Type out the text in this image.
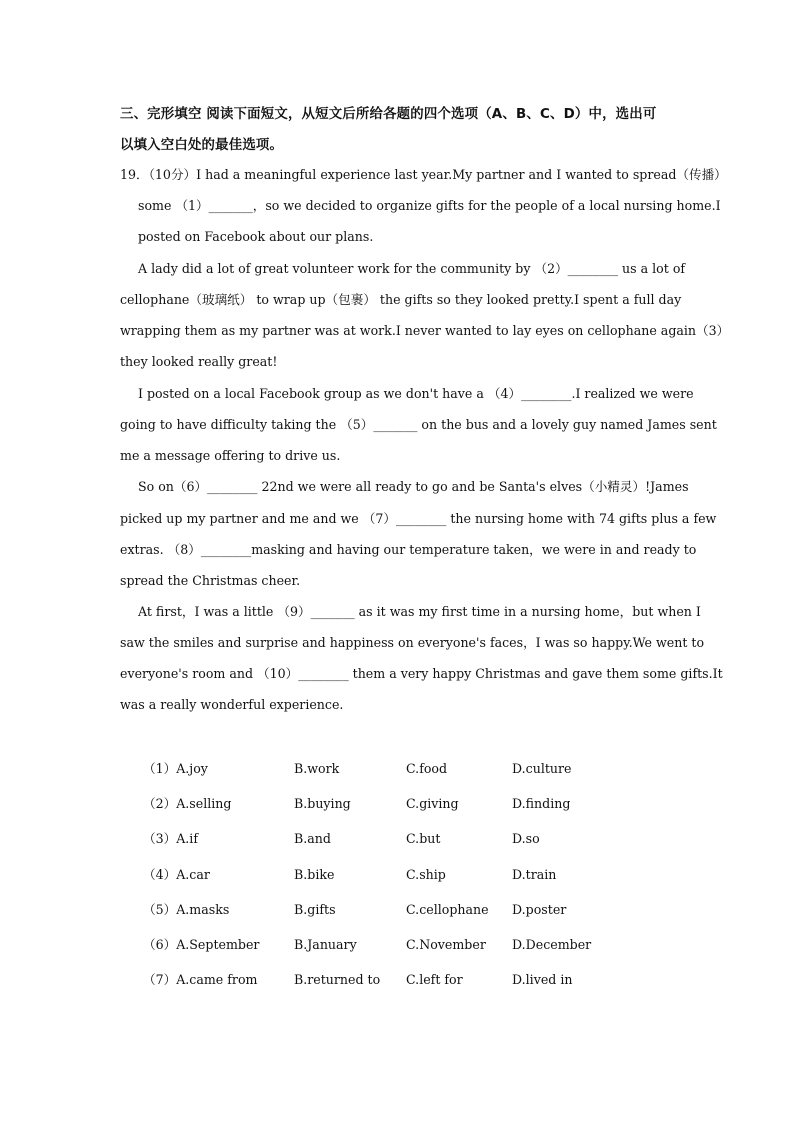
三、完形填空 阅读下面短文，从短文后所给各题的四个选项（A、B、C、D）中，选出可
以填入空白处的最佳选项。
19．（10分）I had a meaningful experience last year.My partner and I wanted to spread（传播）
some （1）_______，so we decided to organize gifts for the people of a local nursing home.I
posted on Facebook about our plans.
A lady did a lot of great volunteer work for the community by （2）________ us a lot of
cellophane（玻璃纸） to wrap up（包裹） the gifts so they looked pretty.I spent a full day
wrapping them as my partner was at work.I never wanted to lay eyes on cellophane again（3）
they looked really great!
I posted on a local Facebook group as we don't have a （4）________.I realized we were
going to have difficulty taking the （5）_______ on the bus and a lovely guy named James sent
me a message offering to drive us.
So on（6）________ 22nd we were all ready to go and be Santa's elves（小精灵）!James
picked up my partner and me and we （7）________ the nursing home with 74 gifts plus a few
extras. （8）________masking and having our temperature taken，we were in and ready to
spread the Christmas cheer.
At first，I was a little （9）_______ as it was my first time in a nursing home，but when I
saw the smiles and surprise and happiness on everyone's faces，I was so happy.We went to
everyone's room and （10）________ them a very happy Christmas and gave them some gifts.It
was a really wonderful experience.
（1）A.joy	B.work	C.food	D.culture
（2）A.selling	B.buying	C.giving	D.finding
（3）A.if	B.and	C.but	D.so
（4）A.car	B.bike	C.ship	D.train
（5）A.masks	B.gifts	C.cellophane D.poster
（6）A.September	B.January	C.November D.December
（7）A.came from	B.returned to C.left for	D.lived in
